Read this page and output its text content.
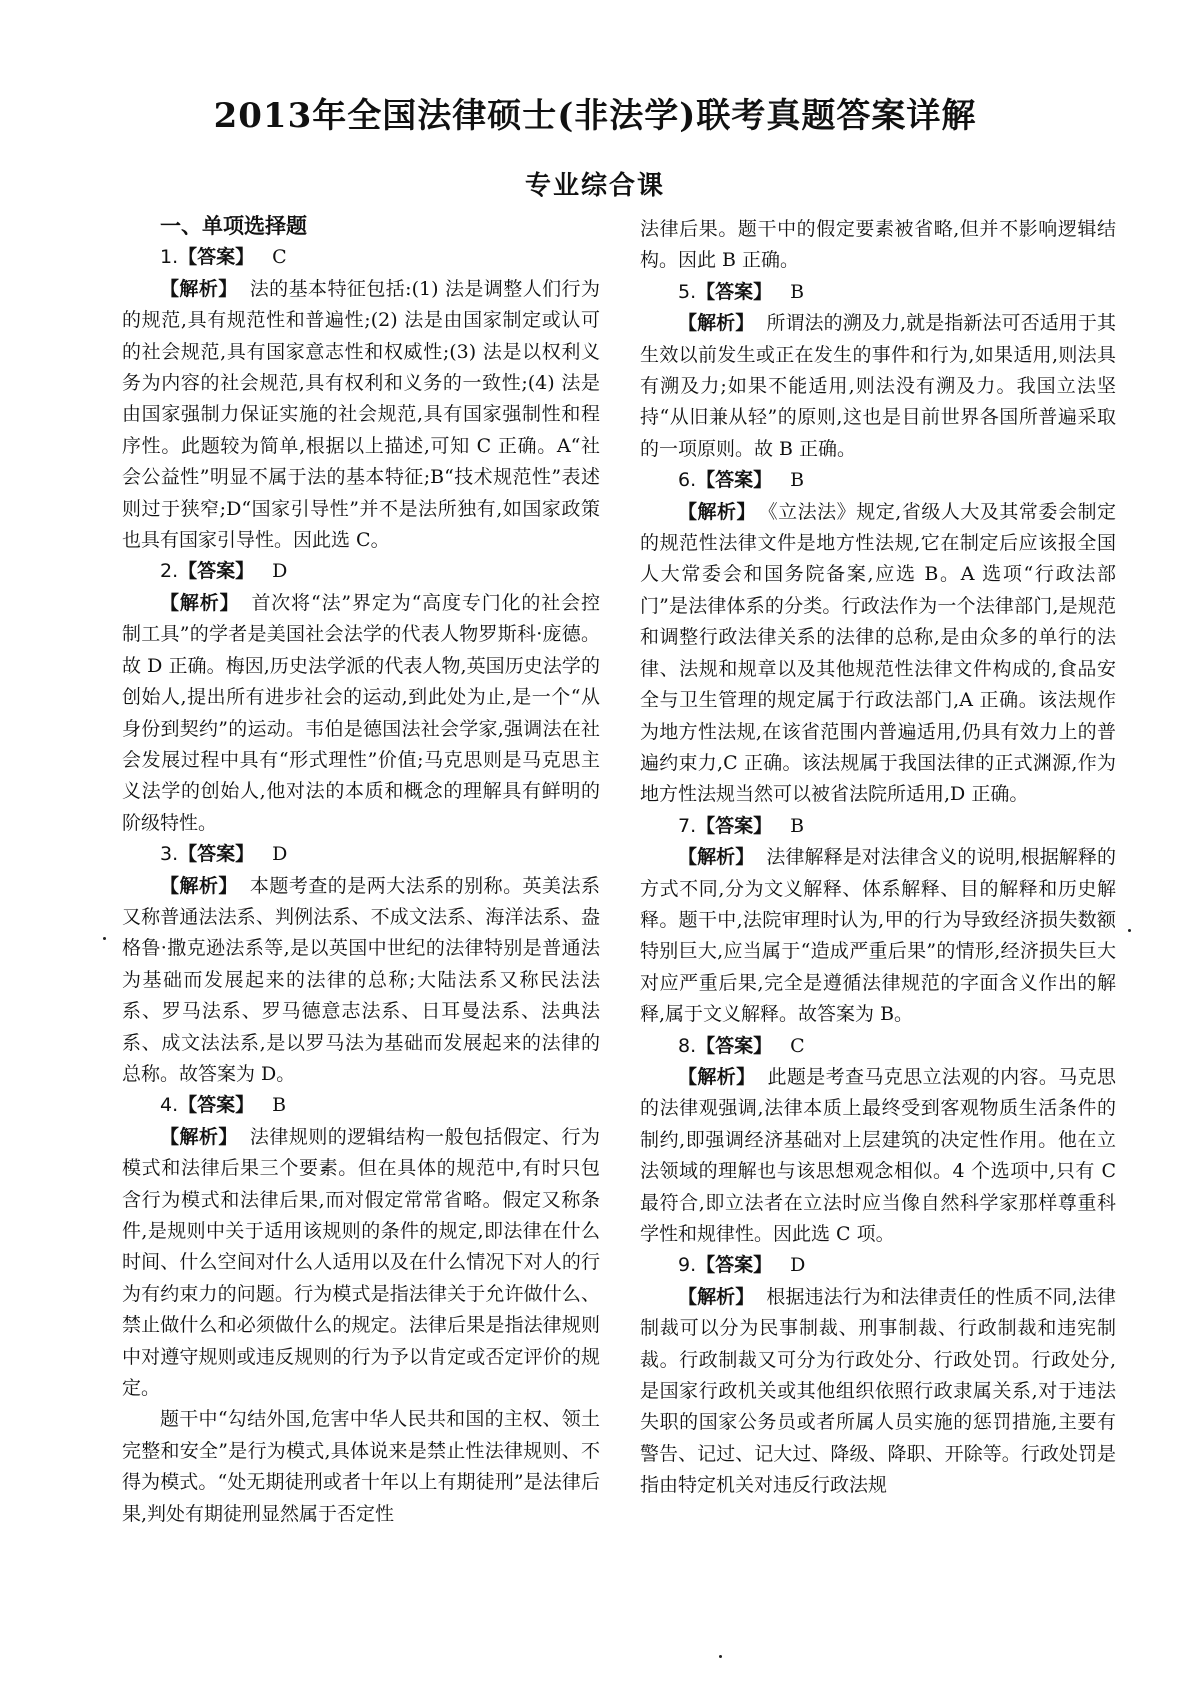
2013年全国法律硕士(非法学)联考真题答案详解
专业综合课
一、单项选择题
1.【答案】 C

【解析】 法的基本特征包括:(1) 法是调整人们行为的规范,具有规范性和普遍性;(2) 法是由国家制定或认可的社会规范,具有国家意志性和权威性;(3) 法是以权利义务为内容的社会规范,具有权利和义务的一致性;(4) 法是由国家强制力保证实施的社会规范,具有国家强制性和程序性。此题较为简单,根据以上描述,可知 C 正确。A“社会公益性”明显不属于法的基本特征;B“技术规范性”表述则过于狭窄;D“国家引导性”并不是法所独有,如国家政策也具有国家引导性。因此选 C。

2.【答案】 D

【解析】 首次将“法”界定为“高度专门化的社会控制工具”的学者是美国社会法学的代表人物罗斯科·庞德。故 D 正确。梅因,历史法学派的代表人物,英国历史法学的创始人,提出所有进步社会的运动,到此处为止,是一个“从身份到契约”的运动。韦伯是德国法社会学家,强调法在社会发展过程中具有“形式理性”价值;马克思则是马克思主义法学的创始人,他对法的本质和概念的理解具有鲜明的阶级特性。

3.【答案】 D

【解析】 本题考查的是两大法系的别称。英美法系又称普通法法系、判例法系、不成文法系、海洋法系、盎格鲁·撒克逊法系等,是以英国中世纪的法律特别是普通法为基础而发展起来的法律的总称;大陆法系又称民法法系、罗马法系、罗马德意志法系、日耳曼法系、法典法系、成文法法系,是以罗马法为基础而发展起来的法律的总称。故答案为 D。

4.【答案】 B

【解析】 法律规则的逻辑结构一般包括假定、行为模式和法律后果三个要素。但在具体的规范中,有时只包含行为模式和法律后果,而对假定常常省略。假定又称条件,是规则中关于适用该规则的条件的规定,即法律在什么时间、什么空间对什么人适用以及在什么情况下对人的行为有约束力的问题。行为模式是指法律关于允许做什么、禁止做什么和必须做什么的规定。法律后果是指法律规则中对遵守规则或违反规则的行为予以肯定或否定评价的规定。

题干中“勾结外国,危害中华人民共和国的主权、领土完整和安全”是行为模式,具体说来是禁止性法律规则、不得为模式。“处无期徒刑或者十年以上有期徒刑”是法律后果,判处有期徒刑显然属于否定性

法律后果。题干中的假定要素被省略,但并不影响逻辑结构。因此 B 正确。

5.【答案】 B

【解析】 所谓法的溯及力,就是指新法可否适用于其生效以前发生或正在发生的事件和行为,如果适用,则法具有溯及力;如果不能适用,则法没有溯及力。我国立法坚持“从旧兼从轻”的原则,这也是目前世界各国所普遍采取的一项原则。故 B 正确。

6.【答案】 B

【解析】 《立法法》规定,省级人大及其常委会制定的规范性法律文件是地方性法规,它在制定后应该报全国人大常委会和国务院备案,应选 B。A 选项“行政法部门”是法律体系的分类。行政法作为一个法律部门,是规范和调整行政法律关系的法律的总称,是由众多的单行的法律、法规和规章以及其他规范性法律文件构成的,食品安全与卫生管理的规定属于行政法部门,A 正确。该法规作为地方性法规,在该省范围内普遍适用,仍具有效力上的普遍约束力,C 正确。该法规属于我国法律的正式渊源,作为地方性法规当然可以被省法院所适用,D 正确。

7.【答案】 B

【解析】 法律解释是对法律含义的说明,根据解释的方式不同,分为文义解释、体系解释、目的解释和历史解释。题干中,法院审理时认为,甲的行为导致经济损失数额特别巨大,应当属于“造成严重后果”的情形,经济损失巨大对应严重后果,完全是遵循法律规范的字面含义作出的解释,属于文义解释。故答案为 B。

8.【答案】 C

【解析】 此题是考查马克思立法观的内容。马克思的法律观强调,法律本质上最终受到客观物质生活条件的制约,即强调经济基础对上层建筑的决定性作用。他在立法领域的理解也与该思想观念相似。4 个选项中,只有 C 最符合,即立法者在立法时应当像自然科学家那样尊重科学性和规律性。因此选 C 项。

9.【答案】 D

【解析】 根据违法行为和法律责任的性质不同,法律制裁可以分为民事制裁、刑事制裁、行政制裁和违宪制裁。行政制裁又可分为行政处分、行政处罚。行政处分,是国家行政机关或其他组织依照行政隶属关系,对于违法失职的国家公务员或者所属人员实施的惩罚措施,主要有警告、记过、记大过、降级、降职、开除等。行政处罚是指由特定机关对违反行政法规
